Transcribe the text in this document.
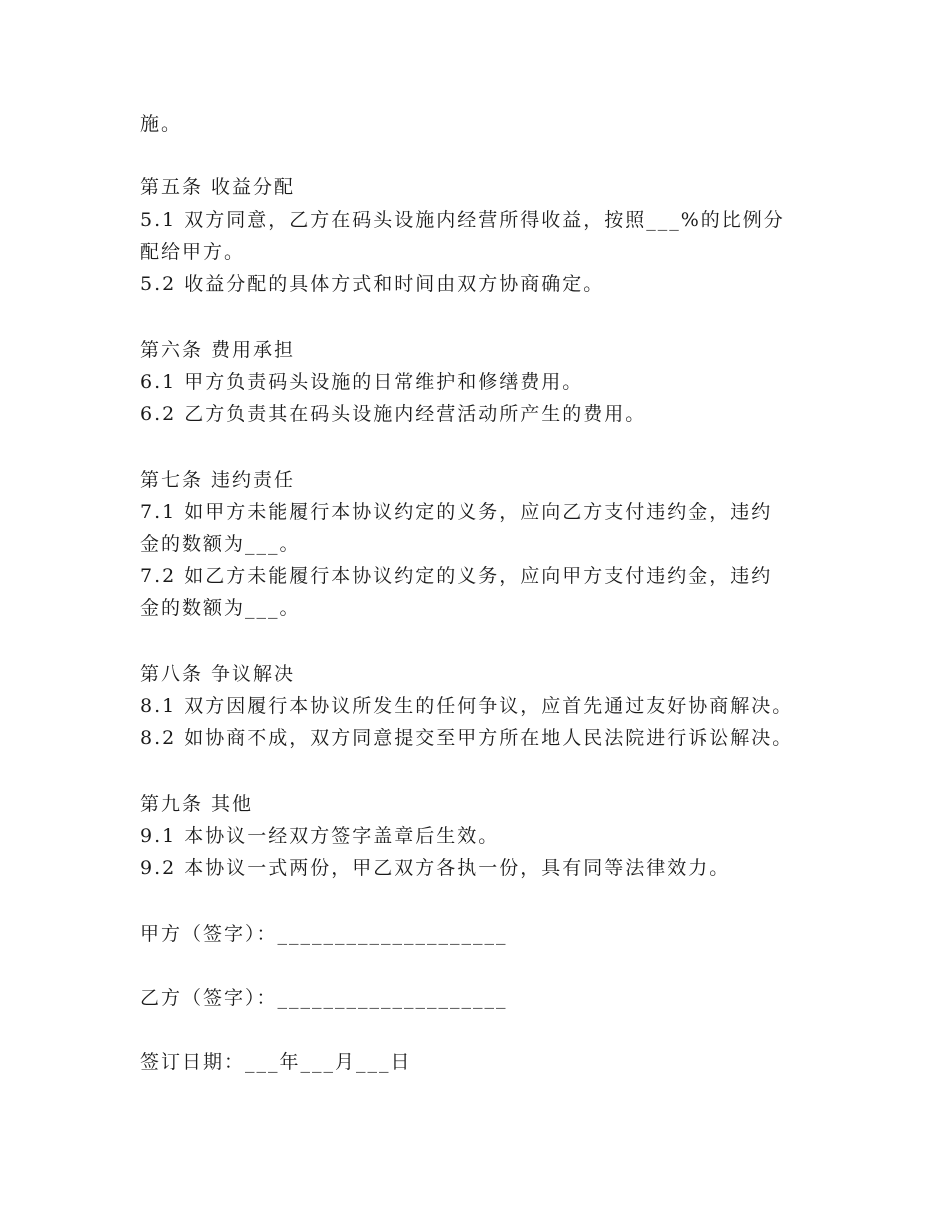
施。
第五条 收益分配
5.1 双方同意，乙方在码头设施内经营所得收益，按照___%的比例分
配给甲方。
5.2 收益分配的具体方式和时间由双方协商确定。
第六条 费用承担
6.1 甲方负责码头设施的日常维护和修缮费用。
6.2 乙方负责其在码头设施内经营活动所产生的费用。
第七条 违约责任
7.1 如甲方未能履行本协议约定的义务，应向乙方支付违约金，违约
金的数额为___。
7.2 如乙方未能履行本协议约定的义务，应向甲方支付违约金，违约
金的数额为___。
第八条 争议解决
8.1 双方因履行本协议所发生的任何争议，应首先通过友好协商解决。
8.2 如协商不成，双方同意提交至甲方所在地人民法院进行诉讼解决。
第九条 其他
9.1 本协议一经双方签字盖章后生效。
9.2 本协议一式两份，甲乙双方各执一份，具有同等法律效力。
甲方（签字）：____________________
乙方（签字）：____________________
签订日期：___年___月___日
